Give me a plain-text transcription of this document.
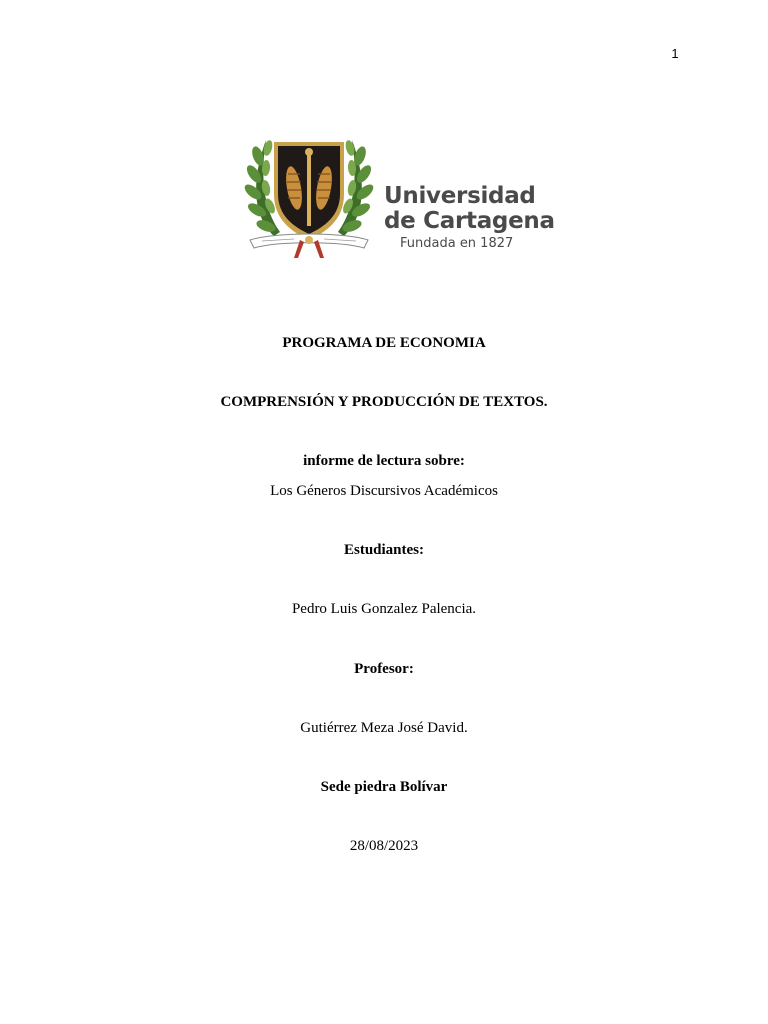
1
Universidad
de Cartagena
Fundada en 1827
PROGRAMA DE ECONOMIA
COMPRENSIÓN Y PRODUCCIÓN DE TEXTOS.
informe de lectura sobre:
Los Géneros Discursivos Académicos
Estudiantes:
Pedro Luis Gonzalez Palencia.
Profesor:
Gutiérrez Meza José David.
Sede piedra Bolívar
28/08/2023
